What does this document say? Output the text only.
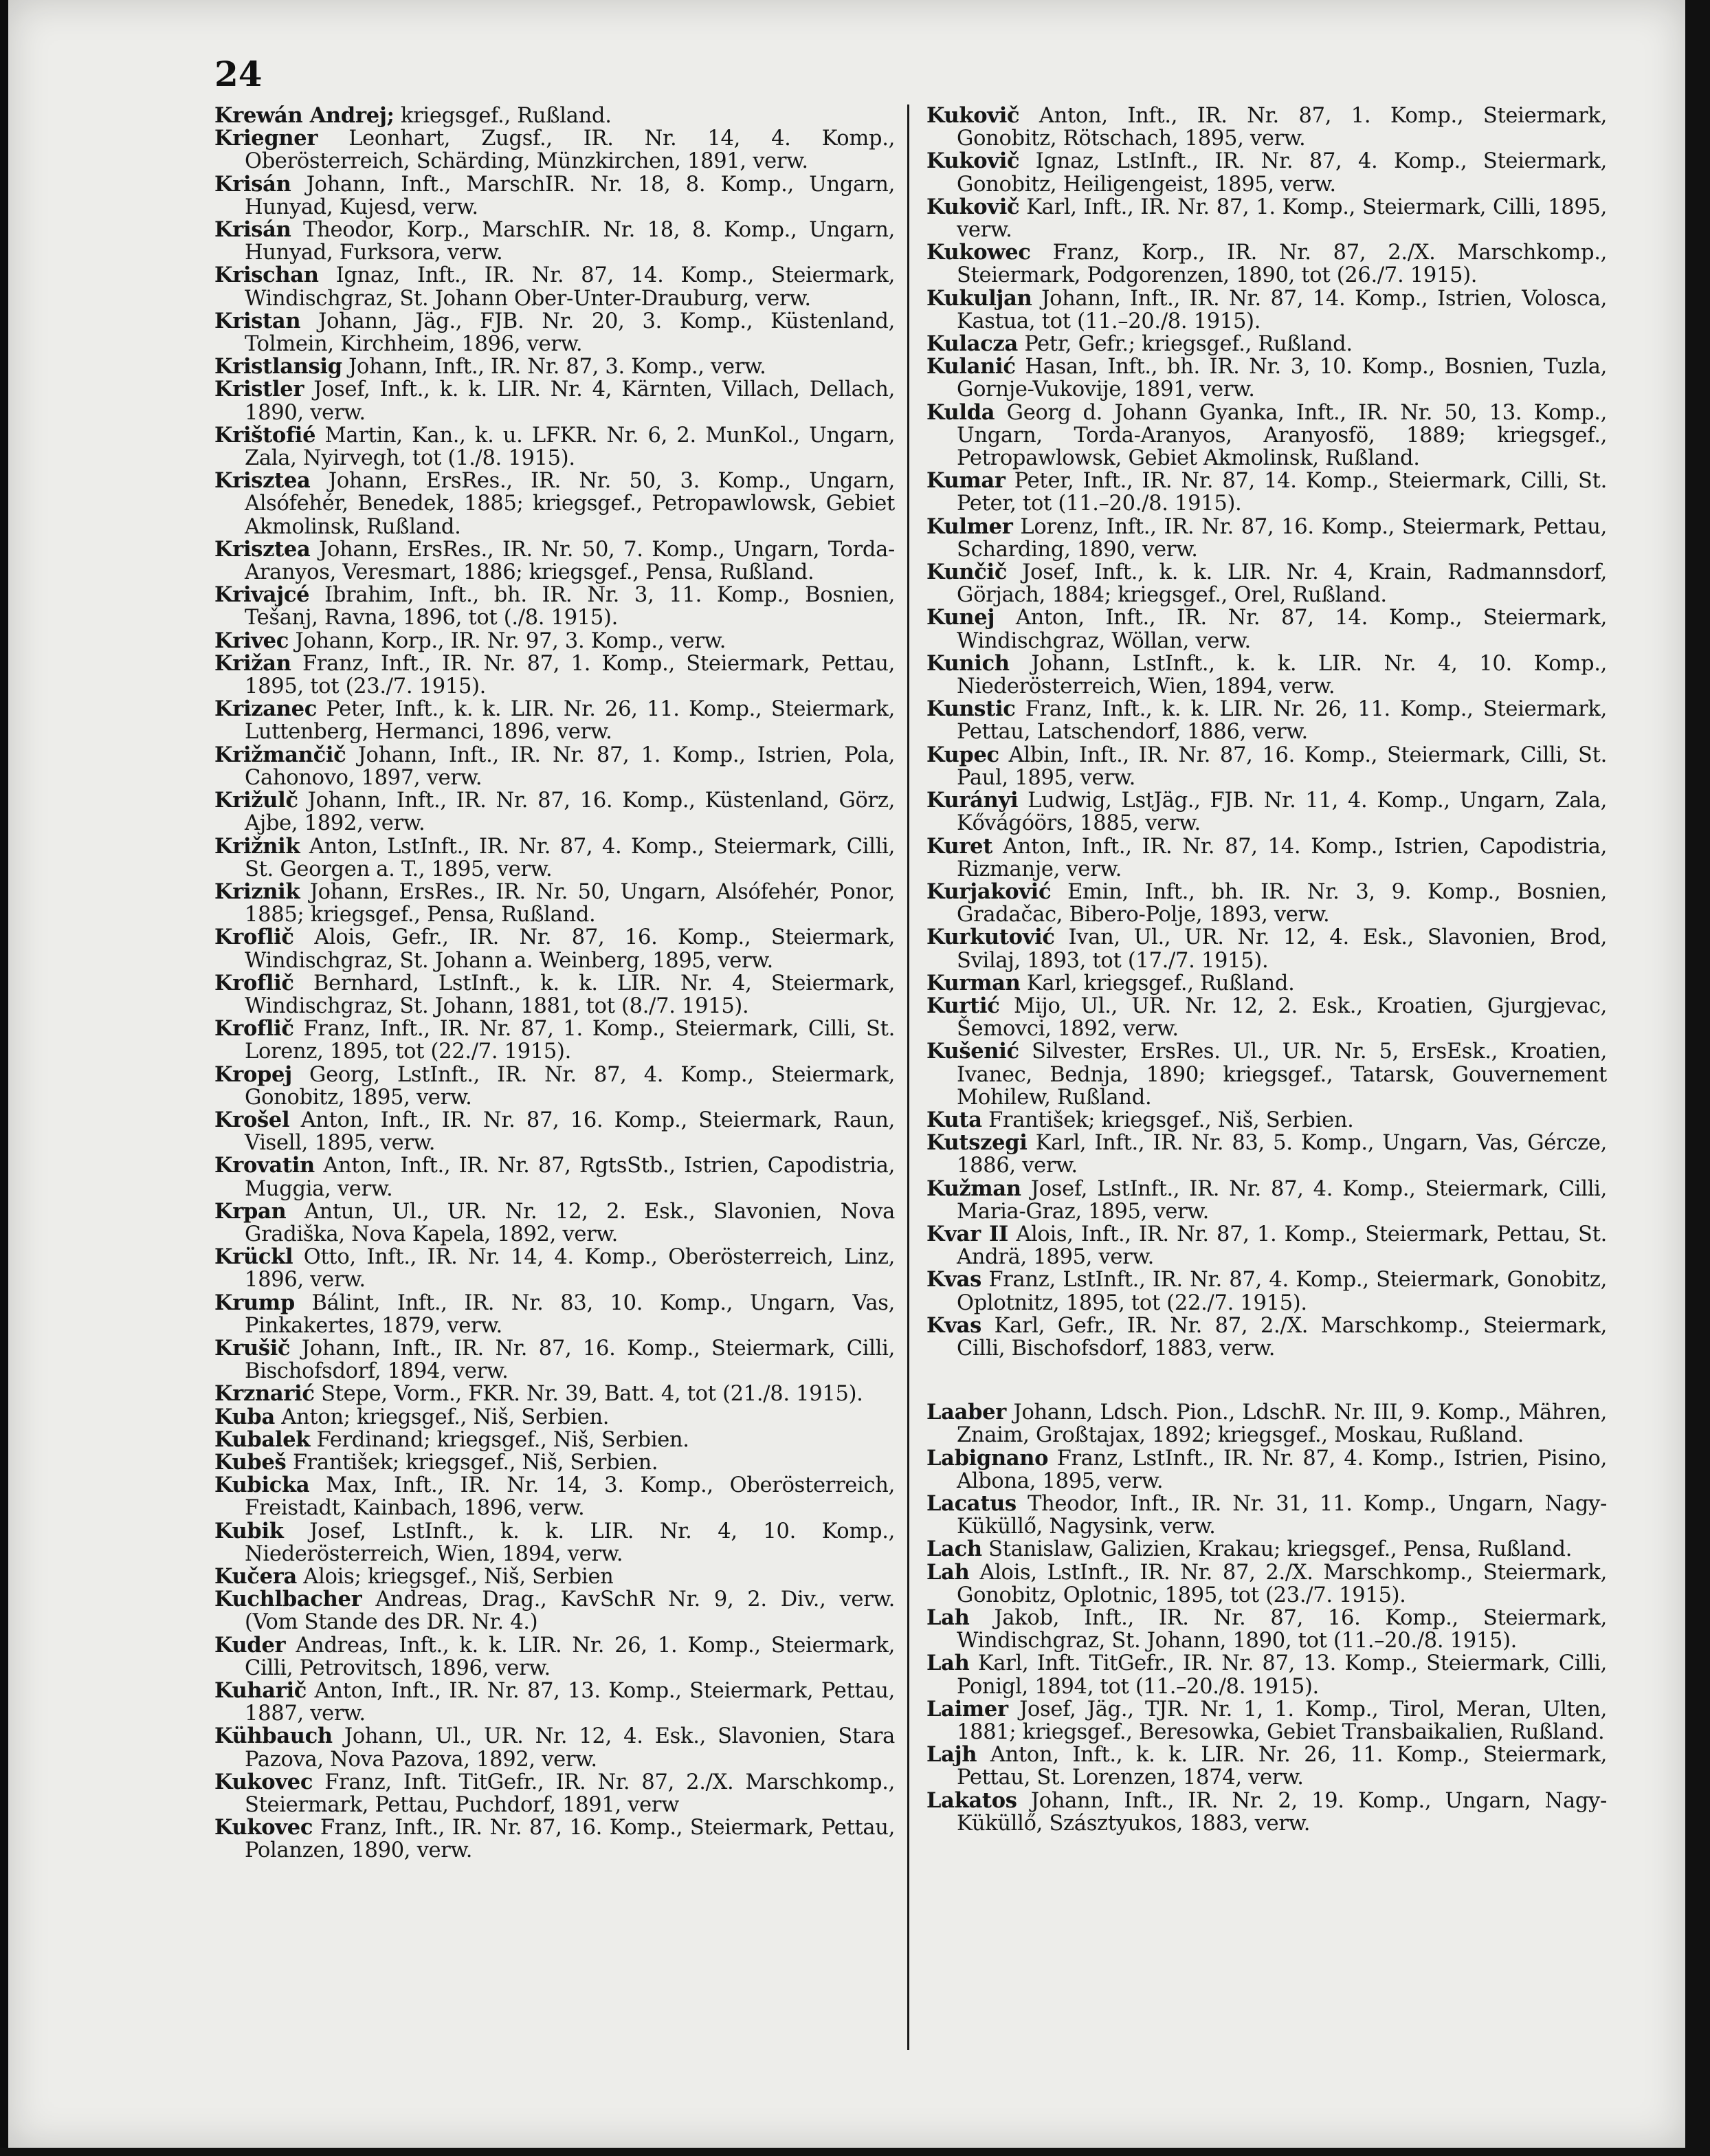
24
Krewán Andrej; kriegsgef., Rußland.
Kriegner Leonhart, Zugsf., IR. Nr. 14, 4. Komp., Oberösterreich, Schärding, Münzkirchen, 1891, verw.
Krisán Johann, Inft., MarschIR. Nr. 18, 8. Komp., Ungarn, Hunyad, Kujesd, verw.
Krisán Theodor, Korp., MarschIR. Nr. 18, 8. Komp., Ungarn, Hunyad, Furksora, verw.
Krischan Ignaz, Inft., IR. Nr. 87, 14. Komp., Steiermark, Windischgraz, St. Johann Ober-Unter-Drauburg, verw.
Kristan Johann, Jäg., FJB. Nr. 20, 3. Komp., Küstenland, Tolmein, Kirchheim, 1896, verw.
Kristlansig Johann, Inft., IR. Nr. 87, 3. Komp., verw.
Kristler Josef, Inft., k. k. LIR. Nr. 4, Kärnten, Villach, Dellach, 1890, verw.
Krištofié Martin, Kan., k. u. LFKR. Nr. 6, 2. MunKol., Ungarn, Zala, Nyirvegh, tot (1./8. 1915).
Krisztea Johann, ErsRes., IR. Nr. 50, 3. Komp., Ungarn, Alsófehér, Benedek, 1885; kriegsgef., Petropawlowsk, Gebiet Akmolinsk, Rußland.
Krisztea Johann, ErsRes., IR. Nr. 50, 7. Komp., Ungarn, Torda-Aranyos, Veresmart, 1886; kriegsgef., Pensa, Rußland.
Krivajcé Ibrahim, Inft., bh. IR. Nr. 3, 11. Komp., Bosnien, Tešanj, Ravna, 1896, tot (./8. 1915).
Krivec Johann, Korp., IR. Nr. 97, 3. Komp., verw.
Križan Franz, Inft., IR. Nr. 87, 1. Komp., Steiermark, Pettau, 1895, tot (23./7. 1915).
Krizanec Peter, Inft., k. k. LIR. Nr. 26, 11. Komp., Steiermark, Luttenberg, Hermanci, 1896, verw.
Križmančič Johann, Inft., IR. Nr. 87, 1. Komp., Istrien, Pola, Cahonovo, 1897, verw.
Križulč Johann, Inft., IR. Nr. 87, 16. Komp., Küstenland, Görz, Ajbe, 1892, verw.
Križnik Anton, LstInft., IR. Nr. 87, 4. Komp., Steiermark, Cilli, St. Georgen a. T., 1895, verw.
Kriznik Johann, ErsRes., IR. Nr. 50, Ungarn, Alsófehér, Ponor, 1885; kriegsgef., Pensa, Rußland.
Kroflič Alois, Gefr., IR. Nr. 87, 16. Komp., Steiermark, Windischgraz, St. Johann a. Weinberg, 1895, verw.
Kroflič Bernhard, LstInft., k. k. LIR. Nr. 4, Steiermark, Windischgraz, St. Johann, 1881, tot (8./7. 1915).
Kroflič Franz, Inft., IR. Nr. 87, 1. Komp., Steiermark, Cilli, St. Lorenz, 1895, tot (22./7. 1915).
Kropej Georg, LstInft., IR. Nr. 87, 4. Komp., Steiermark, Gonobitz, 1895, verw.
Krošel Anton, Inft., IR. Nr. 87, 16. Komp., Steiermark, Raun, Visell, 1895, verw.
Krovatin Anton, Inft., IR. Nr. 87, RgtsStb., Istrien, Capodistria, Muggia, verw.
Krpan Antun, Ul., UR. Nr. 12, 2. Esk., Slavonien, Nova Gradiška, Nova Kapela, 1892, verw.
Krückl Otto, Inft., IR. Nr. 14, 4. Komp., Oberösterreich, Linz, 1896, verw.
Krump Bálint, Inft., IR. Nr. 83, 10. Komp., Ungarn, Vas, Pinkakertes, 1879, verw.
Krušič Johann, Inft., IR. Nr. 87, 16. Komp., Steiermark, Cilli, Bischofsdorf, 1894, verw.
Krznarić Stepe, Vorm., FKR. Nr. 39, Batt. 4, tot (21./8. 1915).
Kuba Anton; kriegsgef., Niš, Serbien.
Kubalek Ferdinand; kriegsgef., Niš, Serbien.
Kubeš František; kriegsgef., Niš, Serbien.
Kubicka Max, Inft., IR. Nr. 14, 3. Komp., Oberösterreich, Freistadt, Kainbach, 1896, verw.
Kubik Josef, LstInft., k. k. LIR. Nr. 4, 10. Komp., Niederösterreich, Wien, 1894, verw.
Kučera Alois; kriegsgef., Niš, Serbien
Kuchlbacher Andreas, Drag., KavSchR Nr. 9, 2. Div., verw. (Vom Stande des DR. Nr. 4.)
Kuder Andreas, Inft., k. k. LIR. Nr. 26, 1. Komp., Steiermark, Cilli, Petrovitsch, 1896, verw.
Kuharič Anton, Inft., IR. Nr. 87, 13. Komp., Steiermark, Pettau, 1887, verw.
Kühbauch Johann, Ul., UR. Nr. 12, 4. Esk., Slavonien, Stara Pazova, Nova Pazova, 1892, verw.
Kukovec Franz, Inft. TitGefr., IR. Nr. 87, 2./X. Marschkomp., Steiermark, Pettau, Puchdorf, 1891, verw
Kukovec Franz, Inft., IR. Nr. 87, 16. Komp., Steiermark, Pettau, Polanzen, 1890, verw.
Kukovič Anton, Inft., IR. Nr. 87, 1. Komp., Steiermark, Gonobitz, Rötschach, 1895, verw.
Kukovič Ignaz, LstInft., IR. Nr. 87, 4. Komp., Steiermark, Gonobitz, Heiligengeist, 1895, verw.
Kukovič Karl, Inft., IR. Nr. 87, 1. Komp., Steiermark, Cilli, 1895, verw.
Kukowec Franz, Korp., IR. Nr. 87, 2./X. Marschkomp., Steiermark, Podgorenzen, 1890, tot (26./7. 1915).
Kukuljan Johann, Inft., IR. Nr. 87, 14. Komp., Istrien, Volosca, Kastua, tot (11.–20./8. 1915).
Kulacza Petr, Gefr.; kriegsgef., Rußland.
Kulanić Hasan, Inft., bh. IR. Nr. 3, 10. Komp., Bosnien, Tuzla, Gornje-Vukovije, 1891, verw.
Kulda Georg d. Johann Gyanka, Inft., IR. Nr. 50, 13. Komp., Ungarn, Torda-Aranyos, Aranyosfö, 1889; kriegsgef., Petropawlowsk, Gebiet Akmolinsk, Rußland.
Kumar Peter, Inft., IR. Nr. 87, 14. Komp., Steiermark, Cilli, St. Peter, tot (11.–20./8. 1915).
Kulmer Lorenz, Inft., IR. Nr. 87, 16. Komp., Steiermark, Pettau, Scharding, 1890, verw.
Kunčič Josef, Inft., k. k. LIR. Nr. 4, Krain, Radmannsdorf, Görjach, 1884; kriegsgef., Orel, Rußland.
Kunej Anton, Inft., IR. Nr. 87, 14. Komp., Steiermark, Windischgraz, Wöllan, verw.
Kunich Johann, LstInft., k. k. LIR. Nr. 4, 10. Komp., Niederösterreich, Wien, 1894, verw.
Kunstic Franz, Inft., k. k. LIR. Nr. 26, 11. Komp., Steiermark, Pettau, Latschendorf, 1886, verw.
Kupec Albin, Inft., IR. Nr. 87, 16. Komp., Steiermark, Cilli, St. Paul, 1895, verw.
Kurányi Ludwig, LstJäg., FJB. Nr. 11, 4. Komp., Ungarn, Zala, Kővágóörs, 1885, verw.
Kuret Anton, Inft., IR. Nr. 87, 14. Komp., Istrien, Capodistria, Rizmanje, verw.
Kurjaković Emin, Inft., bh. IR. Nr. 3, 9. Komp., Bosnien, Gradačac, Bibero-Polje, 1893, verw.
Kurkutović Ivan, Ul., UR. Nr. 12, 4. Esk., Slavonien, Brod, Svilaj, 1893, tot (17./7. 1915).
Kurman Karl, kriegsgef., Rußland.
Kurtić Mijo, Ul., UR. Nr. 12, 2. Esk., Kroatien, Gjurgjevac, Šemovci, 1892, verw.
Kušenić Silvester, ErsRes. Ul., UR. Nr. 5, ErsEsk., Kroatien, Ivanec, Bednja, 1890; kriegsgef., Tatarsk, Gouvernement Mohilew, Rußland.
Kuta František; kriegsgef., Niš, Serbien.
Kutszegi Karl, Inft., IR. Nr. 83, 5. Komp., Ungarn, Vas, Gércze, 1886, verw.
Kužman Josef, LstInft., IR. Nr. 87, 4. Komp., Steiermark, Cilli, Maria-Graz, 1895, verw.
Kvar II Alois, Inft., IR. Nr. 87, 1. Komp., Steiermark, Pettau, St. Andrä, 1895, verw.
Kvas Franz, LstInft., IR. Nr. 87, 4. Komp., Steiermark, Gonobitz, Oplotnitz, 1895, tot (22./7. 1915).
Kvas Karl, Gefr., IR. Nr. 87, 2./X. Marschkomp., Steiermark, Cilli, Bischofsdorf, 1883, verw.
Laaber Johann, Ldsch. Pion., LdschR. Nr. III, 9. Komp., Mähren, Znaim, Großtajax, 1892; kriegsgef., Moskau, Rußland.
Labignano Franz, LstInft., IR. Nr. 87, 4. Komp., Istrien, Pisino, Albona, 1895, verw.
Lacatus Theodor, Inft., IR. Nr. 31, 11. Komp., Ungarn, Nagy-Küküllő, Nagysink, verw.
Lach Stanislaw, Galizien, Krakau; kriegsgef., Pensa, Rußland.
Lah Alois, LstInft., IR. Nr. 87, 2./X. Marschkomp., Steiermark, Gonobitz, Oplotnic, 1895, tot (23./7. 1915).
Lah Jakob, Inft., IR. Nr. 87, 16. Komp., Steiermark, Windischgraz, St. Johann, 1890, tot (11.–20./8. 1915).
Lah Karl, Inft. TitGefr., IR. Nr. 87, 13. Komp., Steiermark, Cilli, Ponigl, 1894, tot (11.–20./8. 1915).
Laimer Josef, Jäg., TJR. Nr. 1, 1. Komp., Tirol, Meran, Ulten, 1881; kriegsgef., Beresowka, Gebiet Transbaikalien, Rußland.
Lajh Anton, Inft., k. k. LIR. Nr. 26, 11. Komp., Steiermark, Pettau, St. Lorenzen, 1874, verw.
Lakatos Johann, Inft., IR. Nr. 2, 19. Komp., Ungarn, Nagy-Küküllő, Szásztyukos, 1883, verw.
